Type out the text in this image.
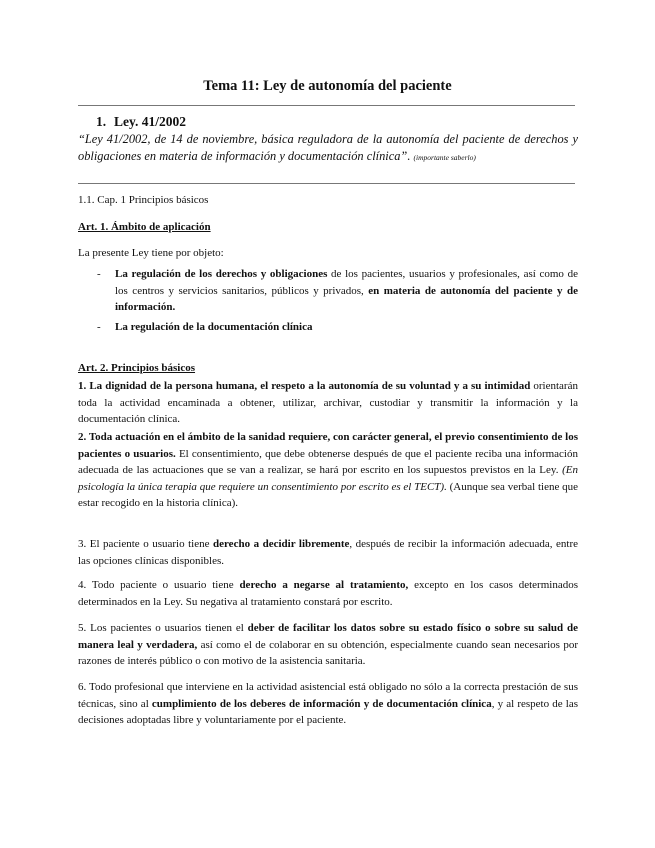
Tema 11: Ley de autonomía del paciente
1. Ley. 41/2002
“Ley 41/2002, de 14 de noviembre, básica reguladora de la autonomía del paciente de derechos y obligaciones en materia de información y documentación clínica”. (importante saberlo)
1.1. Cap. 1 Principios básicos
Art. 1. Ámbito de aplicación
La presente Ley tiene por objeto:
- La regulación de los derechos y obligaciones de los pacientes, usuarios y profesionales, así como de los centros y servicios sanitarios, públicos y privados, en materia de autonomía del paciente y de información.
- La regulación de la documentación clínica
Art. 2. Principios básicos
1. La dignidad de la persona humana, el respeto a la autonomía de su voluntad y a su intimidad orientarán toda la actividad encaminada a obtener, utilizar, archivar, custodiar y transmitir la información y la documentación clínica.
2. Toda actuación en el ámbito de la sanidad requiere, con carácter general, el previo consentimiento de los pacientes o usuarios. El consentimiento, que debe obtenerse después de que el paciente reciba una información adecuada de las actuaciones que se van a realizar, se hará por escrito en los supuestos previstos en la Ley. (En psicología la única terapia que requiere un consentimiento por escrito es el TECT). (Aunque sea verbal tiene que estar recogido en la historia clínica).
3. El paciente o usuario tiene derecho a decidir libremente, después de recibir la información adecuada, entre las opciones clínicas disponibles.
4. Todo paciente o usuario tiene derecho a negarse al tratamiento, excepto en los casos determinados determinados en la Ley. Su negativa al tratamiento constará por escrito.
5. Los pacientes o usuarios tienen el deber de facilitar los datos sobre su estado físico o sobre su salud de manera leal y verdadera, así como el de colaborar en su obtención, especialmente cuando sean necesarios por razones de interés público o con motivo de la asistencia sanitaria.
6. Todo profesional que interviene en la actividad asistencial está obligado no sólo a la correcta prestación de sus técnicas, sino al cumplimiento de los deberes de información y de documentación clínica, y al respeto de las decisiones adoptadas libre y voluntariamente por el paciente.
